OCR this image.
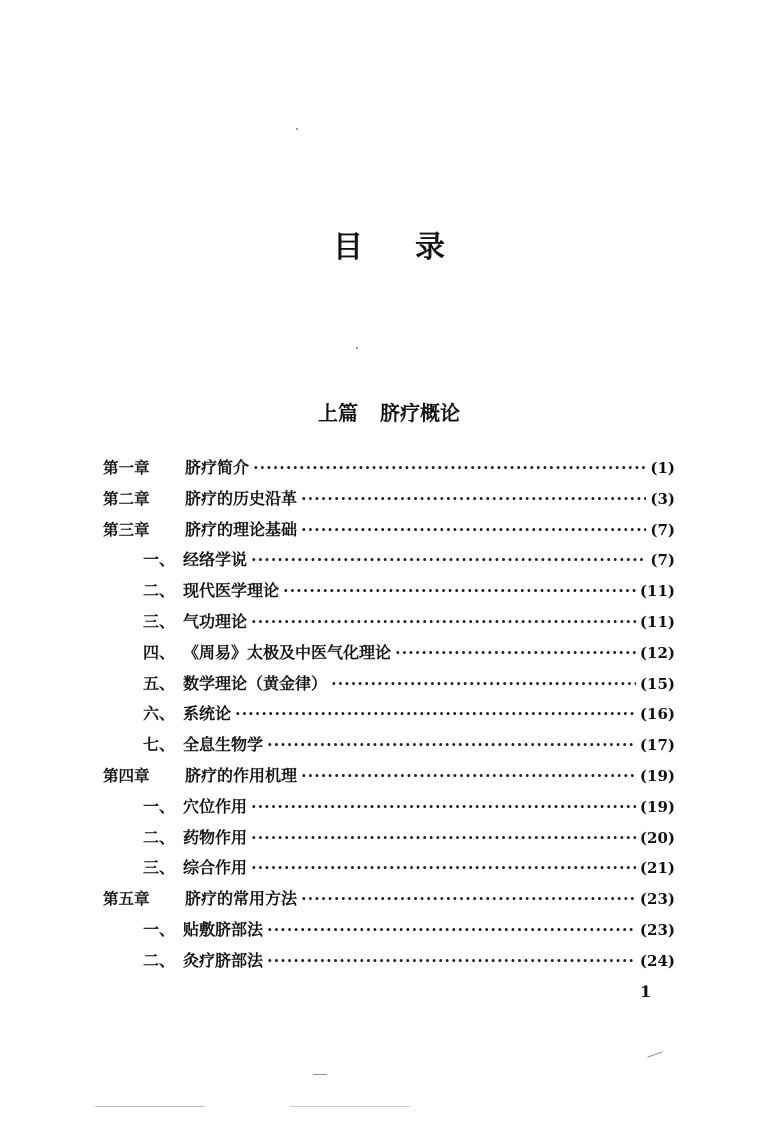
目 录
上篇 脐疗概论
第一章	脐疗简介 ·····	(1)
第二章	脐疗的历史沿革 ·····	(3)
第三章	脐疗的理论基础 ·····	(7)
一、 经络学说 ·····	(7)
二、 现代医学理论 ·····	(11)
三、 气功理论 ·····	(11)
四、 《周易》太极及中医气化理论 ·····	(12)
五、 数学理论（黄金律） ·····	(15)
六、 系统论 ·····	(16)
七、 全息生物学 ·····	(17)
第四章	脐疗的作用机理 ·····	(19)
一、 穴位作用 ·····	(19)
二、 药物作用 ·····	(20)
三、 综合作用 ·····	(21)
第五章	脐疗的常用方法 ·····	(23)
一、 贴敷脐部法 ·····	(23)
二、 灸疗脐部法 ·····	(24)
1
